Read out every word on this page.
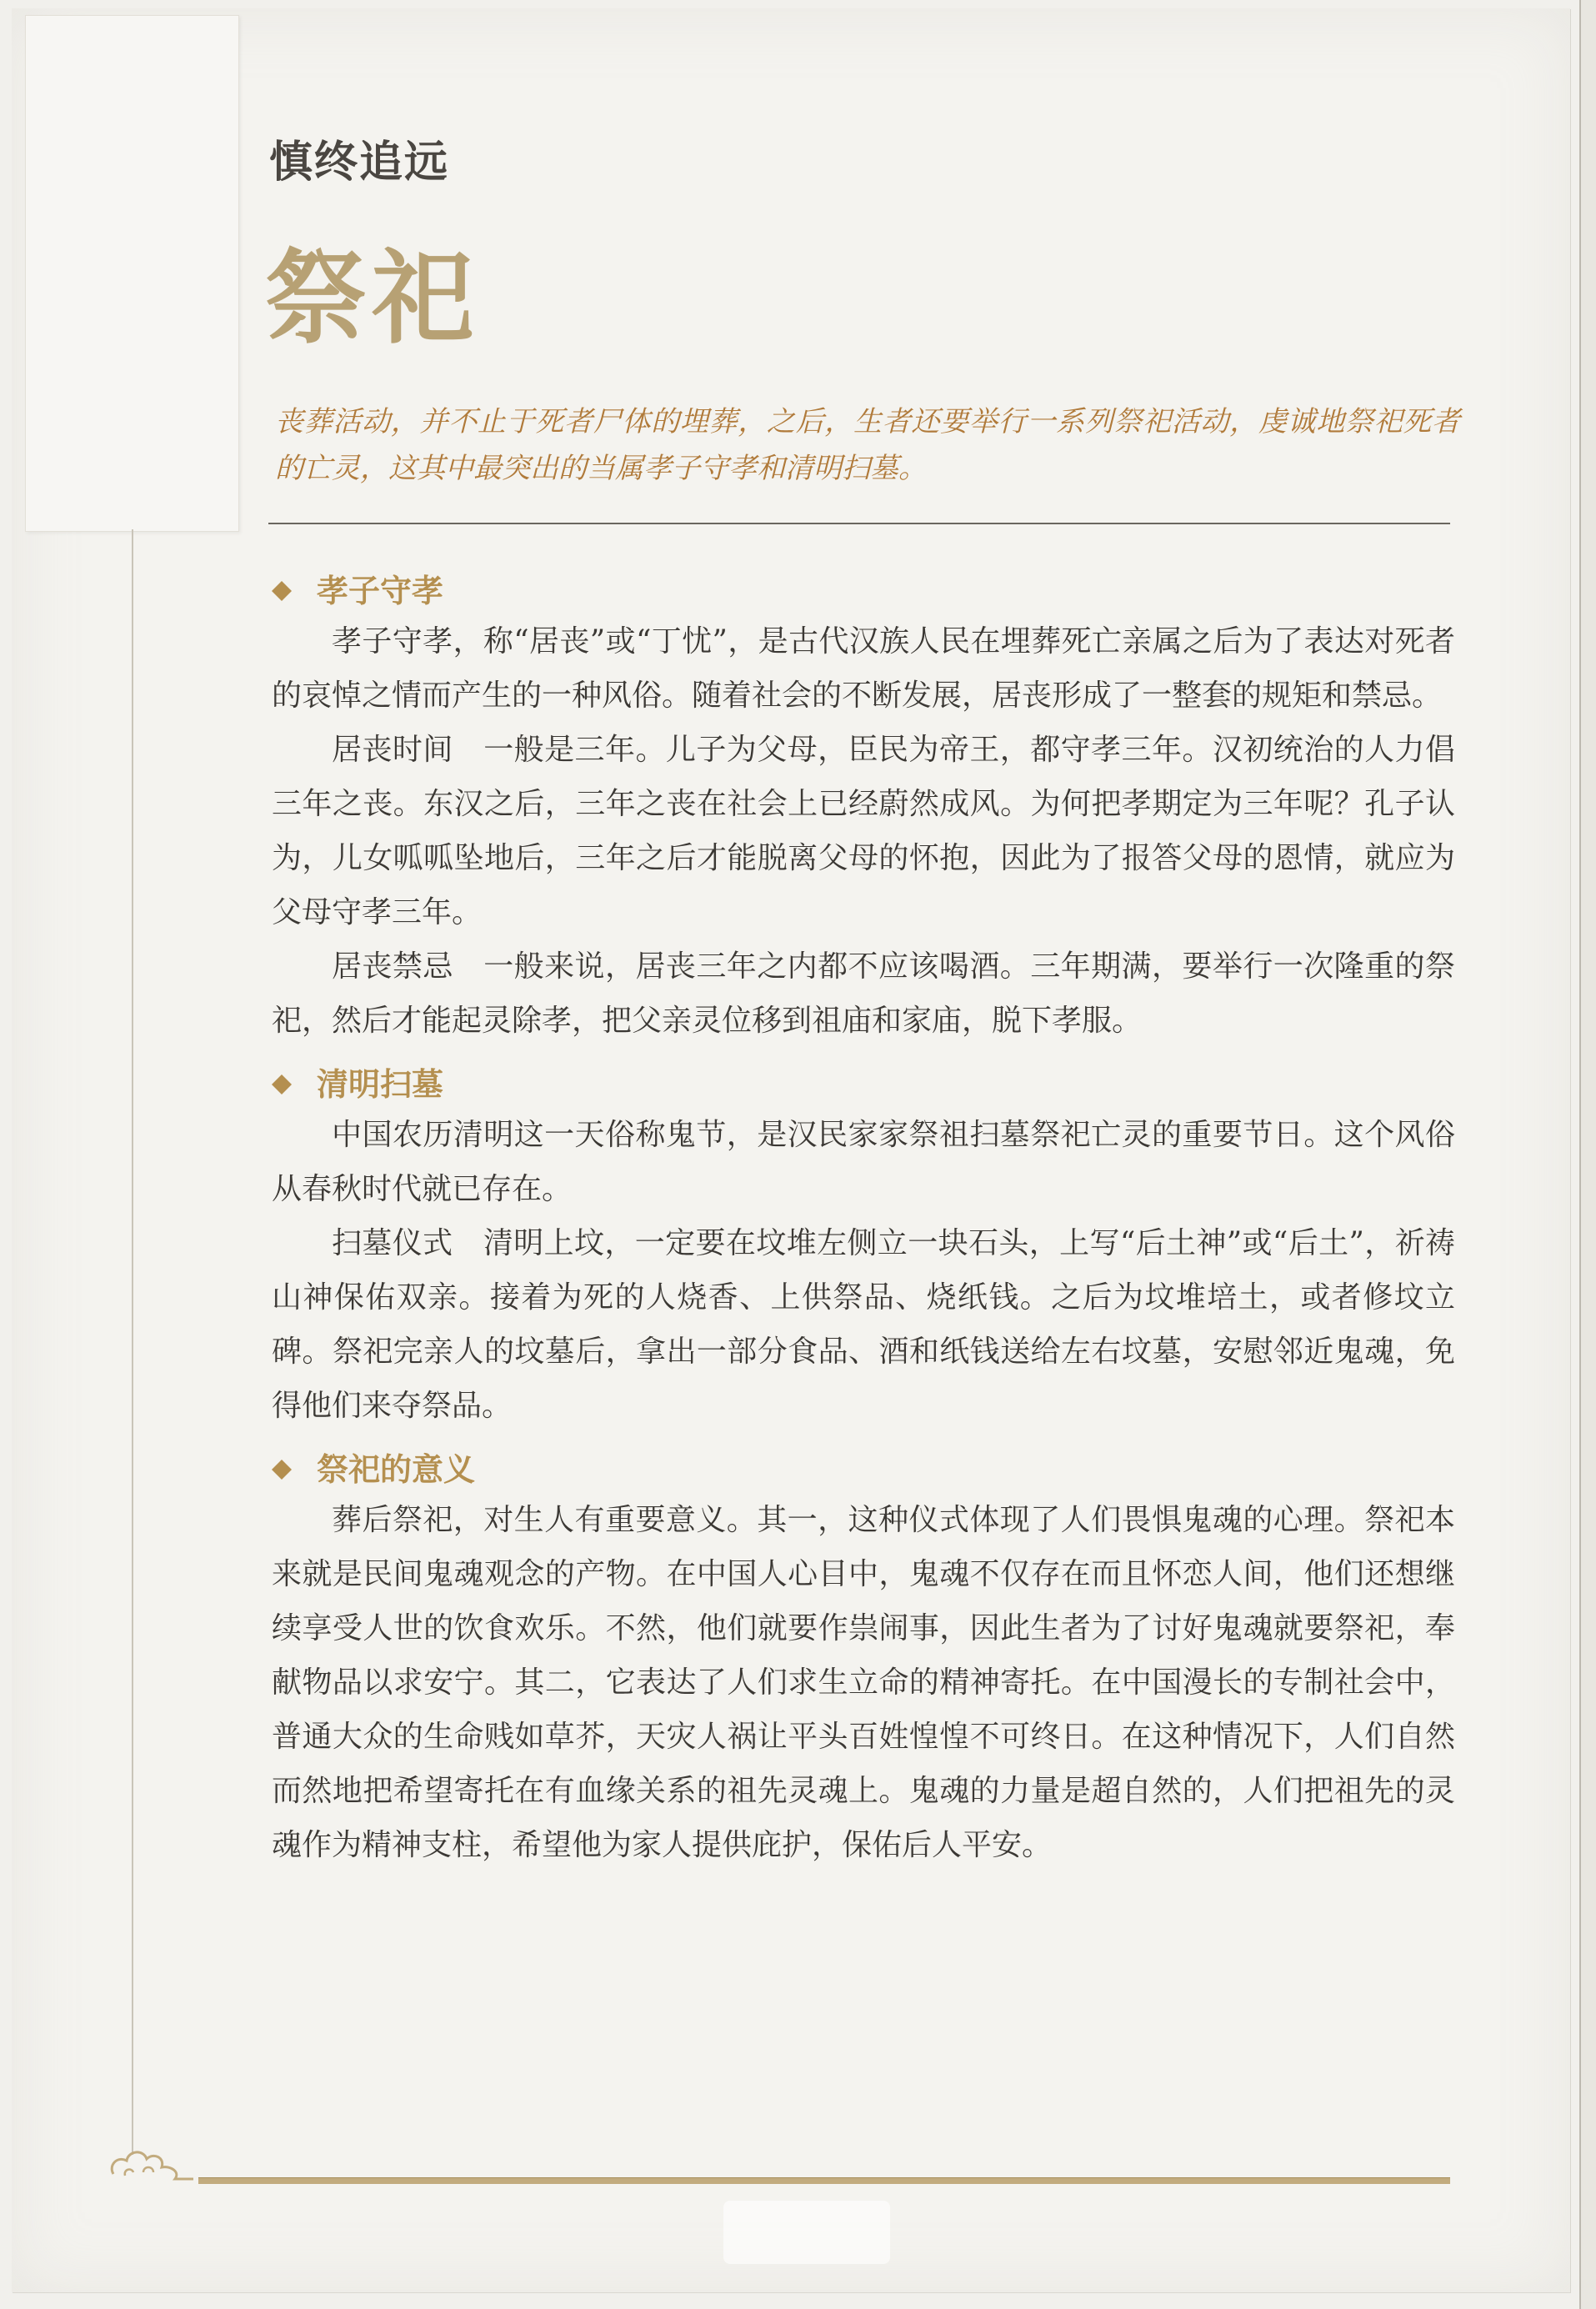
慎终追远
祭祀

丧葬活动，并不止于死者尸体的埋葬，之后，生者还要举行一系列祭祀活动，虔诚地祭祀死者的亡灵，这其中最突出的当属孝子守孝和清明扫墓。

孝子守孝

孝子守孝，称“居丧”或“丁忧”，是古代汉族人民在埋葬死亡亲属之后为了表达对死者的哀悼之情而产生的一种风俗。随着社会的不断发展，居丧形成了一整套的规矩和禁忌。

居丧时间　一般是三年。儿子为父母，臣民为帝王，都守孝三年。汉初统治的人力倡三年之丧。东汉之后，三年之丧在社会上已经蔚然成风。为何把孝期定为三年呢？孔子认为，儿女呱呱坠地后，三年之后才能脱离父母的怀抱，因此为了报答父母的恩情，就应为父母守孝三年。

居丧禁忌　一般来说，居丧三年之内都不应该喝酒。三年期满，要举行一次隆重的祭祀，然后才能起灵除孝，把父亲灵位移到祖庙和家庙，脱下孝服。

清明扫墓

中国农历清明这一天俗称鬼节，是汉民家家祭祖扫墓祭祀亡灵的重要节日。这个风俗从春秋时代就已存在。

扫墓仪式　清明上坟，一定要在坟堆左侧立一块石头，上写“后土神”或“后土”，祈祷山神保佑双亲。接着为死的人烧香、上供祭品、烧纸钱。之后为坟堆培土，或者修坟立碑。祭祀完亲人的坟墓后，拿出一部分食品、酒和纸钱送给左右坟墓，安慰邻近鬼魂，免得他们来夺祭品。

祭祀的意义

葬后祭祀，对生人有重要意义。其一，这种仪式体现了人们畏惧鬼魂的心理。祭祀本来就是民间鬼魂观念的产物。在中国人心目中，鬼魂不仅存在而且怀恋人间，他们还想继续享受人世的饮食欢乐。不然，他们就要作祟闹事，因此生者为了讨好鬼魂就要祭祀，奉献物品以求安宁。其二，它表达了人们求生立命的精神寄托。在中国漫长的专制社会中，普通大众的生命贱如草芥，天灾人祸让平头百姓惶惶不可终日。在这种情况下，人们自然而然地把希望寄托在有血缘关系的祖先灵魂上。鬼魂的力量是超自然的，人们把祖先的灵魂作为精神支柱，希望他为家人提供庇护，保佑后人平安。
